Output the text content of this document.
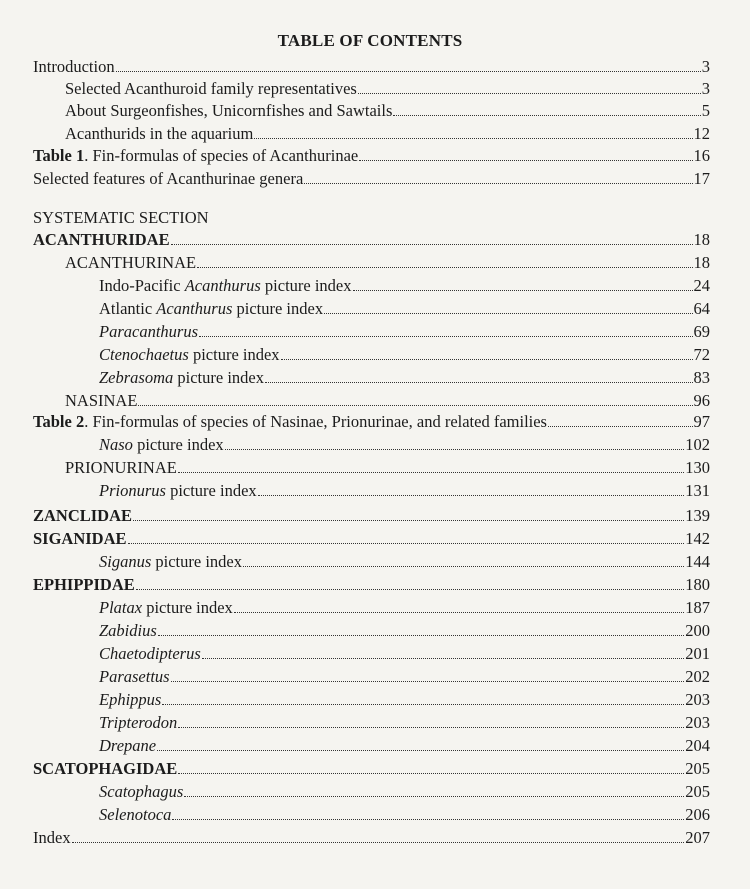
TABLE OF CONTENTS
SYSTEMATIC SECTION
Introduction	3
Selected Acanthuroid family representatives	3
About Surgeonfishes, Unicornfishes and Sawtails	5
Acanthurids in the aquarium	12
Table 1. Fin-formulas of species of Acanthurinae	16
Selected features of Acanthurinae genera	17
ACANTHURIDAE	18
ACANTHURINAE	18
Indo-Pacific Acanthurus picture index	24
Atlantic Acanthurus picture index	64
Paracanthurus	69
Ctenochaetus picture index	72
Zebrasoma picture index	83
NASINAE	96
Table 2. Fin-formulas of species of Nasinae, Prionurinae, and related families	97
Naso picture index	102
PRIONURINAE	130
Prionurus picture index	131
ZANCLIDAE	139
SIGANIDAE	142
Siganus picture index	144
EPHIPPIDAE	180
Platax picture index	187
Zabidius	200
Chaetodipterus	201
Parasettus	202
Ephippus	203
Tripterodon	203
Drepane	204
SCATOPHAGIDAE	205
Scatophagus	205
Selenotoca	206
Index	207
